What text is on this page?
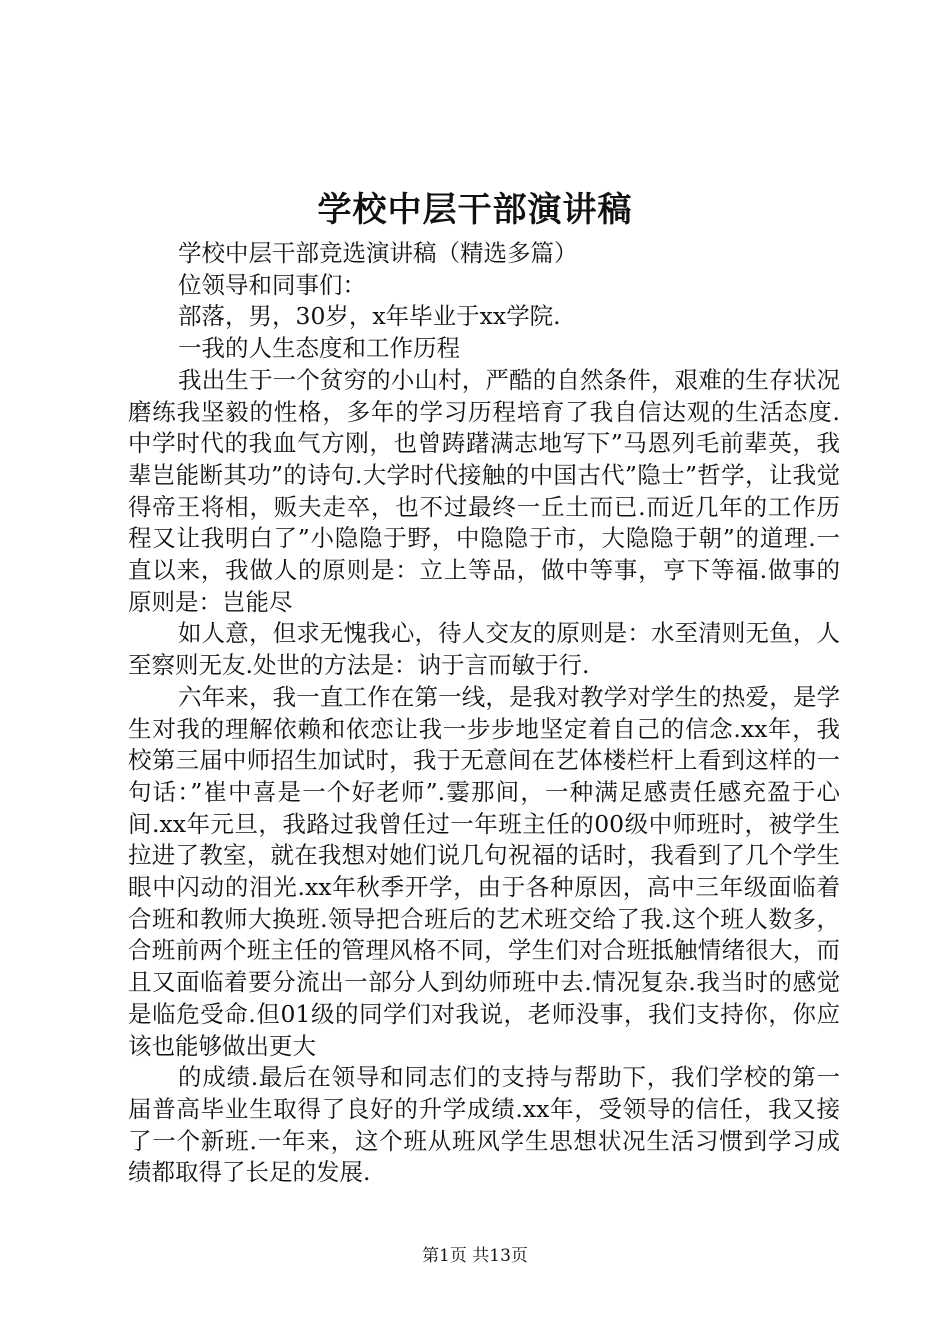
学校中层干部演讲稿

学校中层干部竞选演讲稿（精选多篇）

位领导和同事们：

部落，男，30岁，x年毕业于xx学院.

一我的人生态度和工作历程

我出生于一个贫穷的小山村，严酷的自然条件，艰难的生存状况磨练我坚毅的性格，多年的学习历程培育了我自信达观的生活态度.中学时代的我血气方刚，也曾踌躇满志地写下”马恩列毛前辈英，我辈岂能断其功”的诗句.大学时代接触的中国古代”隐士”哲学，让我觉得帝王将相，贩夫走卒，也不过最终一丘土而已.而近几年的工作历程又让我明白了”小隐隐于野，中隐隐于市，大隐隐于朝”的道理.一直以来，我做人的原则是：立上等品，做中等事，亨下等福.做事的原则是：岂能尽

如人意，但求无愧我心，待人交友的原则是：水至清则无鱼，人至察则无友.处世的方法是：讷于言而敏于行.

六年来，我一直工作在第一线，是我对教学对学生的热爱，是学生对我的理解依赖和依恋让我一步步地坚定着自己的信念.xx年，我校第三届中师招生加试时，我于无意间在艺体楼栏杆上看到这样的一句话：”崔中喜是一个好老师”.霎那间，一种满足感责任感充盈于心间.xx年元旦，我路过我曾任过一年班主任的00级中师班时，被学生拉进了教室，就在我想对她们说几句祝福的话时，我看到了几个学生眼中闪动的泪光.xx年秋季开学，由于各种原因，高中三年级面临着合班和教师大换班.领导把合班后的艺术班交给了我.这个班人数多，合班前两个班主任的管理风格不同，学生们对合班抵触情绪很大，而且又面临着要分流出一部分人到幼师班中去.情况复杂.我当时的感觉是临危受命.但01级的同学们对我说，老师没事，我们支持你，你应该也能够做出更大

的成绩.最后在领导和同志们的支持与帮助下，我们学校的第一届普高毕业生取得了良好的升学成绩.xx年，受领导的信任，我又接了一个新班.一年来，这个班从班风学生思想状况生活习惯到学习成绩都取得了长足的发展.

第1页 共13页
